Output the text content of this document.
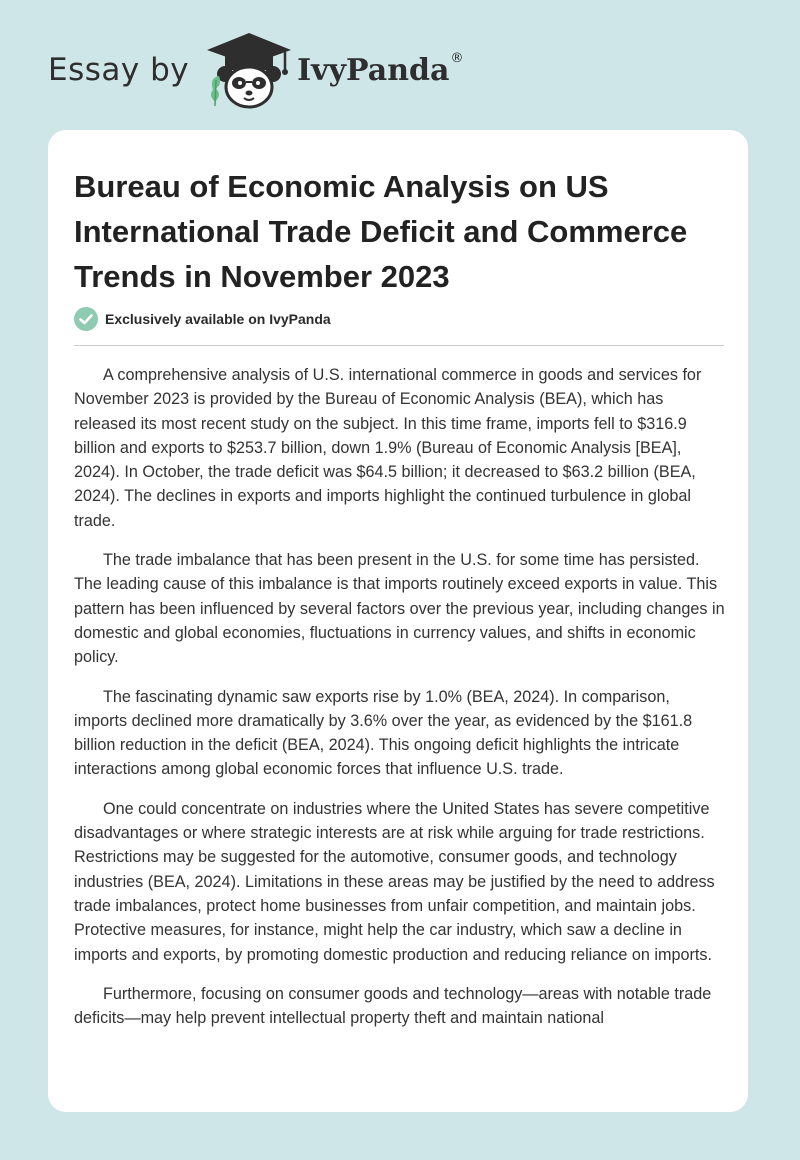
Essay by	IvyPanda ®
Bureau of Economic Analysis on US International Trade Deficit and Commerce Trends in November 2023
Exclusively available on IvyPanda

A comprehensive analysis of U.S. international commerce in goods and services for November 2023 is provided by the Bureau of Economic Analysis (BEA), which has released its most recent study on the subject. In this time frame, imports fell to $316.9 billion and exports to $253.7 billion, down 1.9% (Bureau of Economic Analysis [BEA], 2024). In October, the trade deficit was $64.5 billion; it decreased to $63.2 billion (BEA, 2024). The declines in exports and imports highlight the continued turbulence in global trade.

The trade imbalance that has been present in the U.S. for some time has persisted. The leading cause of this imbalance is that imports routinely exceed exports in value. This pattern has been influenced by several factors over the previous year, including changes in domestic and global economies, fluctuations in currency values, and shifts in economic policy.

The fascinating dynamic saw exports rise by 1.0% (BEA, 2024). In comparison, imports declined more dramatically by 3.6% over the year, as evidenced by the $161.8 billion reduction in the deficit (BEA, 2024). This ongoing deficit highlights the intricate interactions among global economic forces that influence U.S. trade.

One could concentrate on industries where the United States has severe competitive disadvantages or where strategic interests are at risk while arguing for trade restrictions. Restrictions may be suggested for the automotive, consumer goods, and technology industries (BEA, 2024). Limitations in these areas may be justified by the need to address trade imbalances, protect home businesses from unfair competition, and maintain jobs. Protective measures, for instance, might help the car industry, which saw a decline in imports and exports, by promoting domestic production and reducing reliance on imports.

Furthermore, focusing on consumer goods and technology—areas with notable trade deficits—may help prevent intellectual property theft and maintain national
